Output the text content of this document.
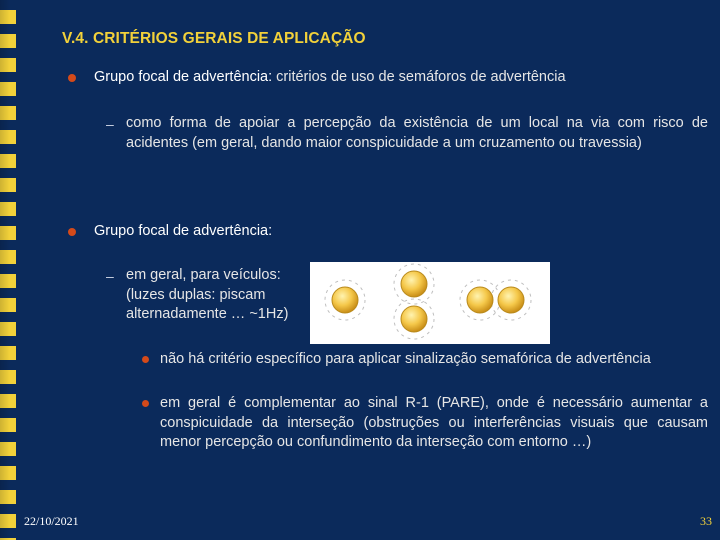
V.4. CRITÉRIOS GERAIS DE APLICAÇÃO
Grupo focal de advertência: critérios de uso de semáforos de advertência
– como forma de apoiar a percepção da existência de um local na via com risco de acidentes (em geral, dando maior conspicuidade a um cruzamento ou travessia)
Grupo focal de advertência:
– em geral, para veículos: (luzes duplas: piscam alternadamente … ~1Hz)
não há critério específico para aplicar sinalização semafórica de advertência
em geral é complementar ao sinal R-1 (PARE), onde é necessário aumentar a conspicuidade da interseção (obstruções ou interferências visuais que causam menor percepção ou confundimento da interseção com entorno …)
22/10/2021	33
